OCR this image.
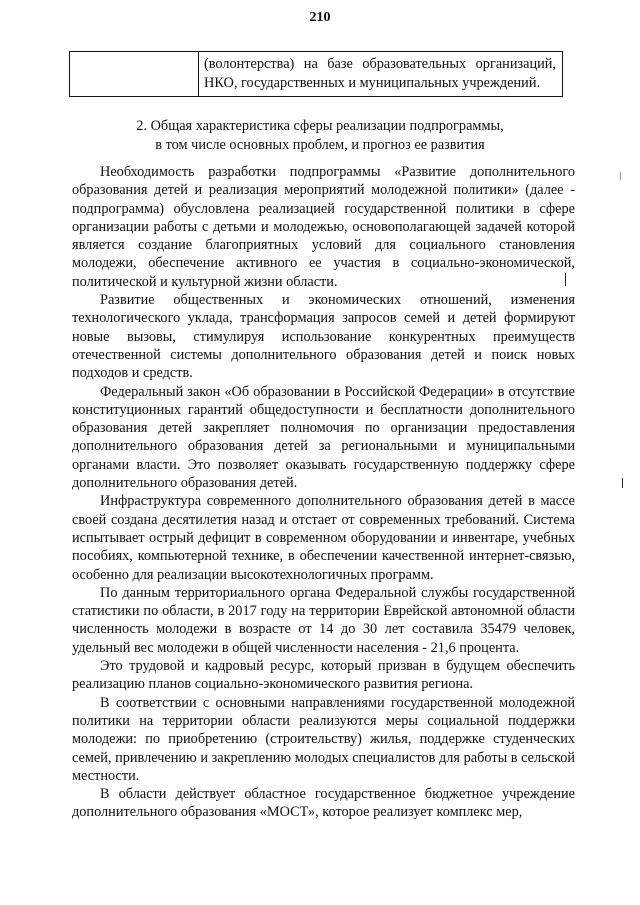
210
	(волонтерства) на базе образовательных организаций, НКО, государственных и муниципальных учреждений.
2. Общая характеристика сферы реализации подпрограммы,
в том числе основных проблем, и прогноз ее развития

Необходимость разработки подпрограммы «Развитие дополнительного образования детей и реализация мероприятий молодежной политики» (далее - подпрограмма) обусловлена реализацией государственной политики в сфере организации работы с детьми и молодежью, основополагающей задачей которой является создание благоприятных условий для социального становления молодежи, обеспечение активного ее участия в социально-экономической, политической и культурной жизни области.

Развитие общественных и экономических отношений, изменения технологического уклада, трансформация запросов семей и детей формируют новые вызовы, стимулируя использование конкурентных преимуществ отечественной системы дополнительного образования детей и поиск новых подходов и средств.

Федеральный закон «Об образовании в Российской Федерации» в отсутствие конституционных гарантий общедоступности и бесплатности дополнительного образования детей закрепляет полномочия по организации предоставления дополнительного образования детей за региональными и муниципальными органами власти. Это позволяет оказывать государственную поддержку сфере дополнительного образования детей.

Инфраструктура современного дополнительного образования детей в массе своей создана десятилетия назад и отстает от современных требований. Система испытывает острый дефицит в современном оборудовании и инвентаре, учебных пособиях, компьютерной технике, в обеспечении качественной интернет-связью, особенно для реализации высокотехнологичных программ.

По данным территориального органа Федеральной службы государственной статистики по области, в 2017 году на территории Еврейской автономной области численность молодежи в возрасте от 14 до 30 лет составила 35479 человек, удельный вес молодежи в общей численности населения - 21,6 процента.

Это трудовой и кадровый ресурс, который призван в будущем обеспечить реализацию планов социально-экономического развития региона.

В соответствии с основными направлениями государственной молодежной политики на территории области реализуются меры социальной поддержки молодежи: по приобретению (строительству) жилья, поддержке студенческих семей, привлечению и закреплению молодых специалистов для работы в сельской местности.

В области действует областное государственное бюджетное учреждение дополнительного образования «МОСТ», которое реализует комплекс мер,
